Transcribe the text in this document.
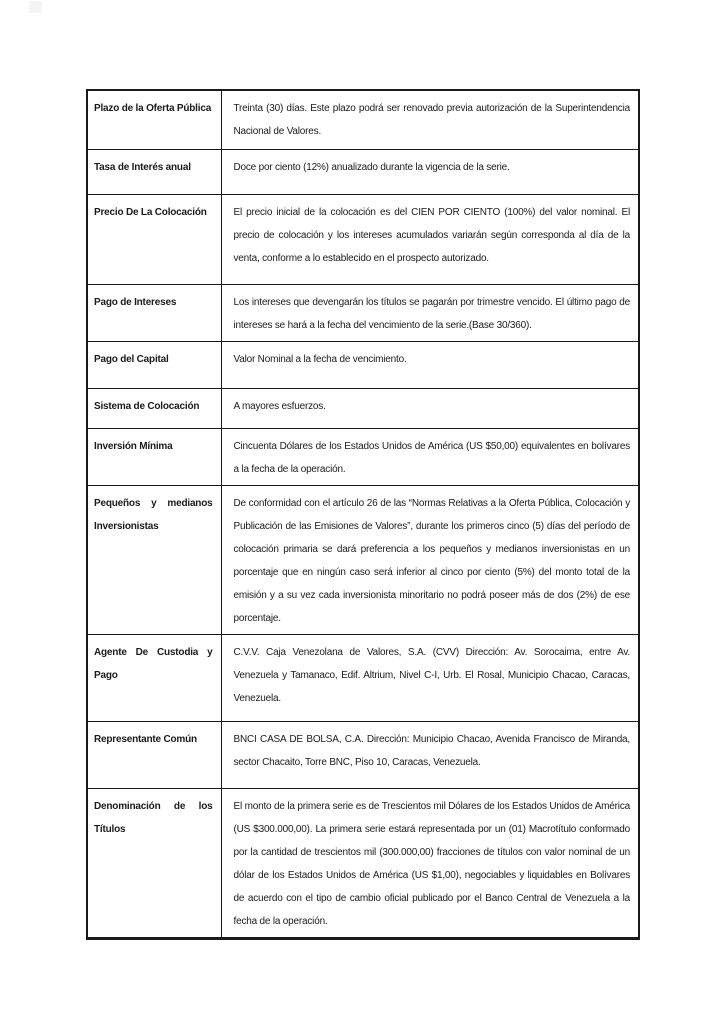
Plazo de la Oferta Pública	Treinta (30) días. Este plazo podrá ser renovado previa autorización de la Superintendencia Nacional de Valores.
Tasa de Interés anual	Doce por ciento (12%) anualizado durante la vigencia de la serie.
Precio De La Colocación	El precio inicial de la colocación es del CIEN POR CIENTO (100%) del valor nominal. El precio de colocación y los intereses acumulados variarán según corresponda al día de la venta, conforme a lo establecido en el prospecto autorizado.
Pago de Intereses	Los intereses que devengarán los títulos se pagarán por trimestre vencido. El último pago de intereses se hará a la fecha del vencimiento de la serie.(Base 30/360).
Pago del Capital	Valor Nominal a la fecha de vencimiento.
Sistema de Colocación	A mayores esfuerzos.
Inversión Mínima	Cincuenta Dólares de los Estados Unidos de América (US $50,00) equivalentes en bolívares a la fecha de la operación.
Pequeños y medianos Inversionistas	De conformidad con el artículo 26 de las “Normas Relativas a la Oferta Pública, Colocación y Publicación de las Emisiones de Valores”, durante los primeros cinco (5) días del período de colocación primaria se dará preferencia a los pequeños y medianos inversionistas en un porcentaje que en ningún caso será inferior al cinco por ciento (5%) del monto total de la emisión y a su vez cada inversionista minoritario no podrá poseer más de dos (2%) de ese porcentaje.
Agente De Custodia y Pago	C.V.V. Caja Venezolana de Valores, S.A. (CVV) Dirección: Av. Sorocaima, entre Av. Venezuela y Tamanaco, Edif. Altrium, Nivel C-I, Urb. El Rosal, Municipio Chacao, Caracas, Venezuela.
Representante Común	BNCI CASA DE BOLSA, C.A. Dirección: Municipio Chacao, Avenida Francisco de Miranda, sector Chacaito, Torre BNC, Piso 10, Caracas, Venezuela.
Denominación de los Títulos	El monto de la primera serie es de Trescientos mil Dólares de los Estados Unidos de América (US $300.000,00). La primera serie estará representada por un (01) Macrotítulo conformado por la cantidad de trescientos mil (300.000,00) fracciones de títulos con valor nominal de un dólar de los Estados Unidos de América (US $1,00), negociables y liquidables en Bolívares de acuerdo con el tipo de cambio oficial publicado por el Banco Central de Venezuela a la fecha de la operación.
